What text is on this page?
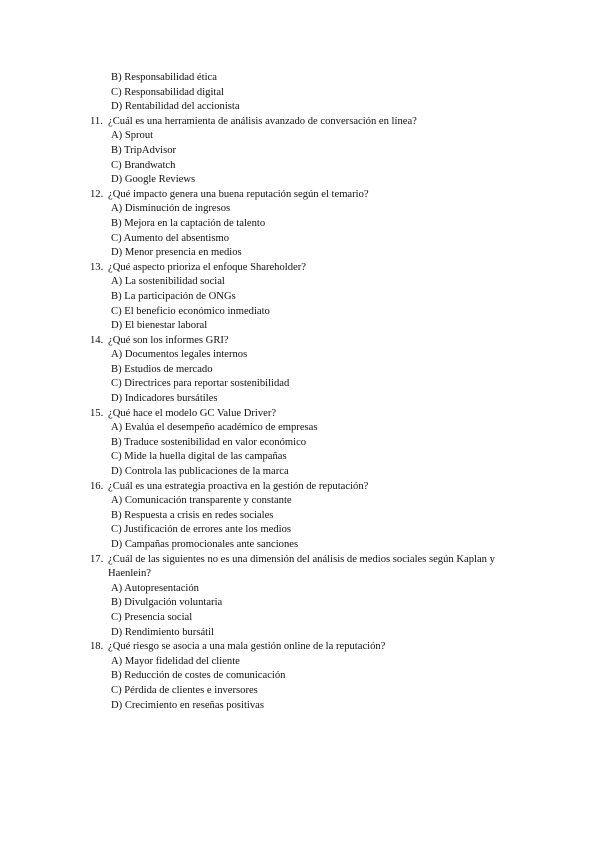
B) Responsabilidad ética
C) Responsabilidad digital
D) Rentabilidad del accionista
11. ¿Cuál es una herramienta de análisis avanzado de conversación en línea?
A) Sprout
B) TripAdvisor
C) Brandwatch
D) Google Reviews
12. ¿Qué impacto genera una buena reputación según el temario?
A) Disminución de ingresos
B) Mejora en la captación de talento
C) Aumento del absentismo
D) Menor presencia en medios
13. ¿Qué aspecto prioriza el enfoque Shareholder?
A) La sostenibilidad social
B) La participación de ONGs
C) El beneficio económico inmediato
D) El bienestar laboral
14. ¿Qué son los informes GRI?
A) Documentos legales internos
B) Estudios de mercado
C) Directrices para reportar sostenibilidad
D) Indicadores bursátiles
15. ¿Qué hace el modelo GC Value Driver?
A) Evalúa el desempeño académico de empresas
B) Traduce sostenibilidad en valor económico
C) Mide la huella digital de las campañas
D) Controla las publicaciones de la marca
16. ¿Cuál es una estrategia proactiva en la gestión de reputación?
A) Comunicación transparente y constante
B) Respuesta a crisis en redes sociales
C) Justificación de errores ante los medios
D) Campañas promocionales ante sanciones
17. ¿Cuál de las siguientes no es una dimensión del análisis de medios sociales según Kaplan y
Haenlein?
A) Autopresentación
B) Divulgación voluntaria
C) Presencia social
D) Rendimiento bursátil
18. ¿Qué riesgo se asocia a una mala gestión online de la reputación?
A) Mayor fidelidad del cliente
B) Reducción de costes de comunicación
C) Pérdida de clientes e inversores
D) Crecimiento en reseñas positivas
